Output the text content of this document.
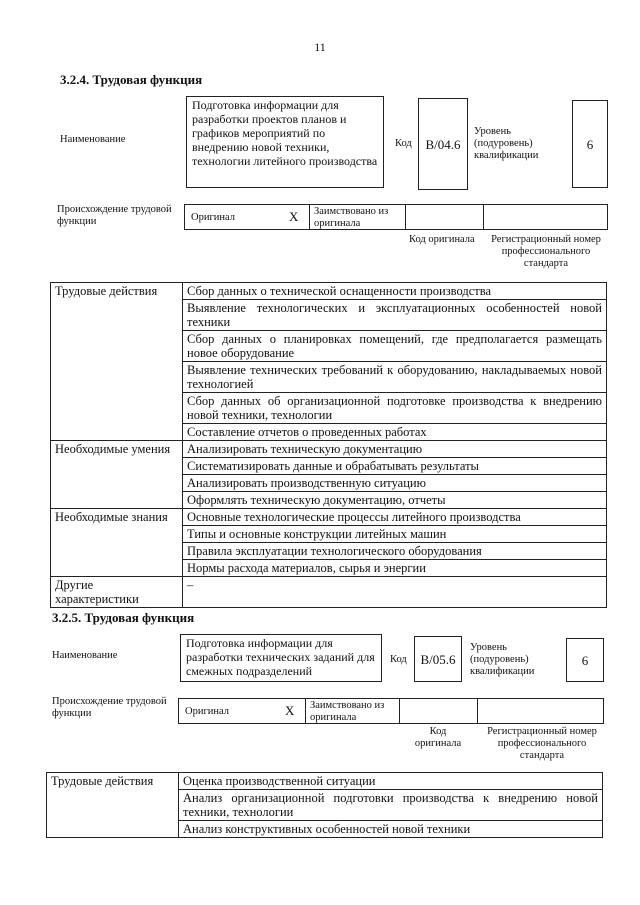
11
3.2.4. Трудовая функция
Наименование
Подготовка информации для разработки проектов планов и графиков мероприятий по внедрению новой техники, технологии литейного производства
Код	B/04.6
Уровень (подуровень) квалификации
6
Происхождение трудовой функции	Оригинал	X Заимствовано из оригинала
Код оригинала	Регистрационный номер профессионального стандарта
Трудовые действия	Сбор данных о технической оснащенности производства
	Выявление технологических и эксплуатационных особенностей новой техники
	Сбор данных о планировках помещений, где предполагается размещать новое оборудование
	Выявление технических требований к оборудованию, накладываемых новой технологией
	Сбор данных об организационной подготовке производства к внедрению новой техники, технологии
	Составление отчетов о проведенных работах
Необходимые умения	Анализировать техническую документацию
	Систематизировать данные и обрабатывать результаты
	Анализировать производственную ситуацию
	Оформлять техническую документацию, отчеты
Необходимые знания	Основные технологические процессы литейного производства
	Типы и основные конструкции литейных машин
	Правила эксплуатации технологического оборудования
	Нормы расхода материалов, сырья и энергии
Другие характеристики	–
3.2.5. Трудовая функция
Наименование
Подготовка информации для разработки технических заданий для смежных подразделений
Код	B/05.6
Уровень (подуровень) квалификации
6
Происхождение трудовой функции	Оригинал	X Заимствовано из оригинала
Код оригинала
Регистрационный номер профессионального стандарта
Трудовые действия	Оценка производственной ситуации
Анализ организационной подготовки производства к внедрению новой техники, технологии
Анализ конструктивных особенностей новой техники
